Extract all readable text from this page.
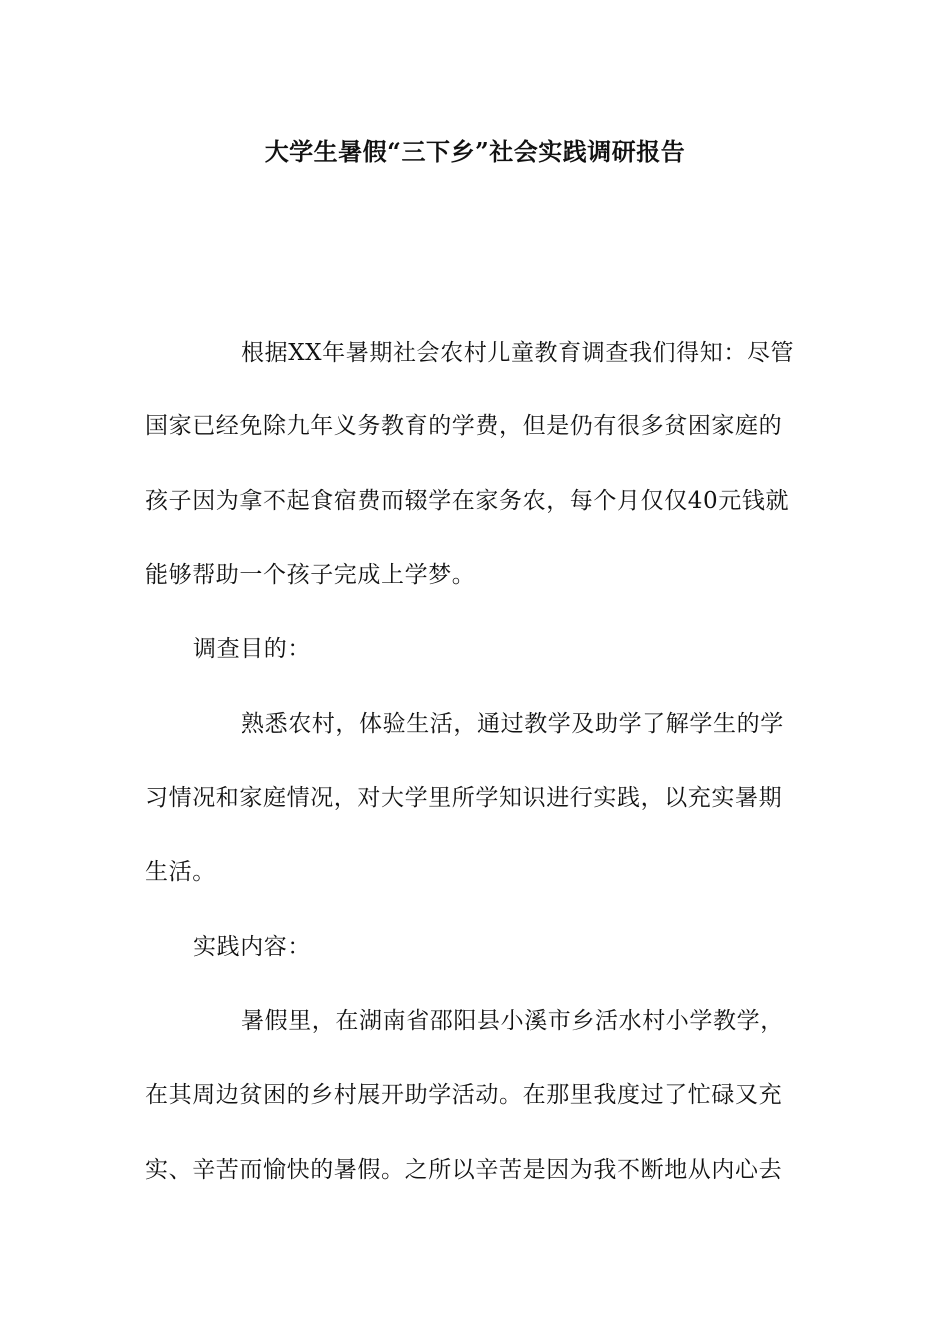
大学生暑假“三下乡”社会实践调研报告
根据XX年暑期社会农村儿童教育调查我们得知：尽管
国家已经免除九年义务教育的学费，但是仍有很多贫困家庭的
孩子因为拿不起食宿费而辍学在家务农，每个月仅仅40元钱就
能够帮助一个孩子完成上学梦。
调查目的：
熟悉农村，体验生活，通过教学及助学了解学生的学
习情况和家庭情况，对大学里所学知识进行实践，以充实暑期
生活。
实践内容：
暑假里，在湖南省邵阳县小溪市乡活水村小学教学，
在其周边贫困的乡村展开助学活动。在那里我度过了忙碌又充
实、辛苦而愉快的暑假。之所以辛苦是因为我不断地从内心去
